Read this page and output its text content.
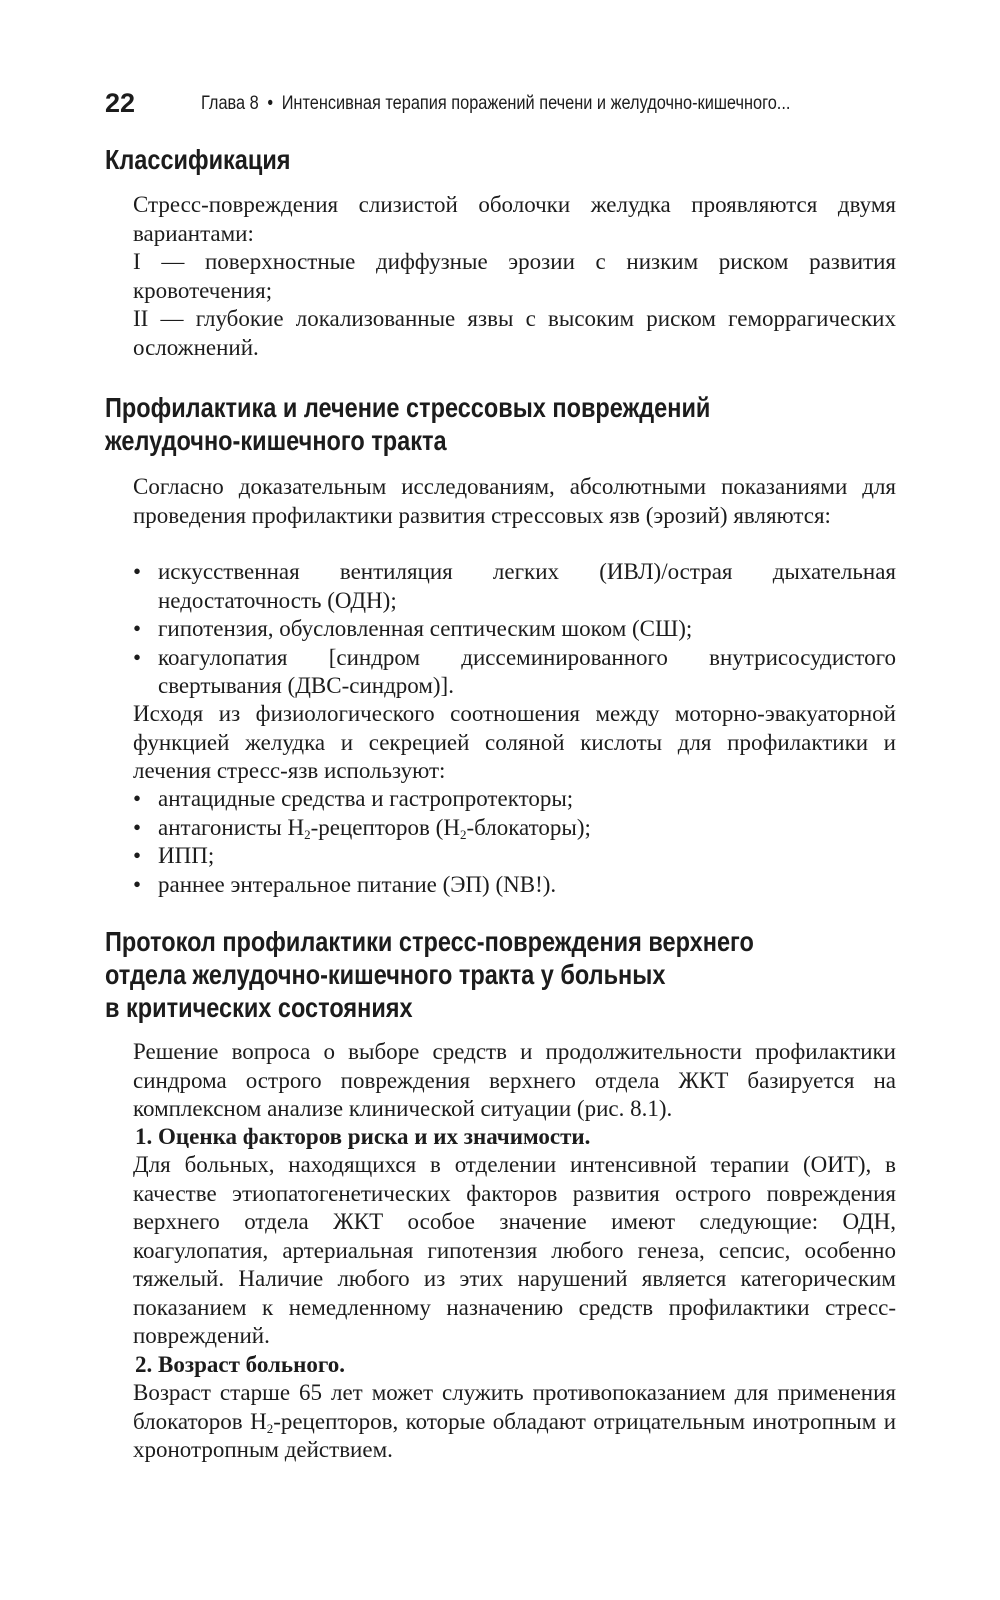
22	Глава 8 • Интенсивная терапия поражений печени и желудочно-кишечного...
Классификация

Стресс-повреждения слизистой оболочки желудка проявляются двумя вариантами:

I — поверхностные диффузные эрозии с низким риском развития кровотечения;

II — глубокие локализованные язвы с высоким риском геморрагических осложнений.

Профилактика и лечение стрессовых повреждений
желудочно-кишечного тракта

Согласно доказательным исследованиям, абсолютными показаниями для проведения профилактики развития стрессовых язв (эрозий) являются:

• искусственная вентиляция легких (ИВЛ)/острая дыхательная недостаточность (ОДН);
• гипотензия, обусловленная септическим шоком (СШ);
• коагулопатия [синдром диссеминированного внутрисосудистого свертывания (ДВС-синдром)].

Исходя из физиологического соотношения между моторно-эвакуаторной функцией желудка и секрецией соляной кислоты для профилактики и лечения стресс-язв используют:

• антацидные средства и гастропротекторы;
• антагонисты $H_2$-рецепторов $(H_2-блокаторы)$;
• ИПП;
• раннее энтеральное питание (ЭП) (NB!).
Протокол профилактики стресс-повреждения верхнего
отдела желудочно-кишечного тракта у больных
в критических состояниях

Решение вопроса о выборе средств и продолжительности профилактики синдрома острого повреждения верхнего отдела ЖКТ базируется на комплексном анализе клинической ситуации (рис. 8.1).

1. Оценка факторов риска и их значимости.

Для больных, находящихся в отделении интенсивной терапии (ОИТ), в качестве этиопатогенетических факторов развития острого повреждения верхнего отдела ЖКТ особое значение имеют следующие: ОДН, коагулопатия, артериальная гипотензия любого генеза, сепсис, особенно тяжелый. Наличие любого из этих нарушений является категорическим показанием к немедленному назначению средств профилактики стресс-повреждений.

2. Возраст больного.

Возраст старше 65 лет может служить противопоказанием для применения блокаторов $H_2$-рецепторов, которые обладают отрицательным инотропным и хронотропным действием.
